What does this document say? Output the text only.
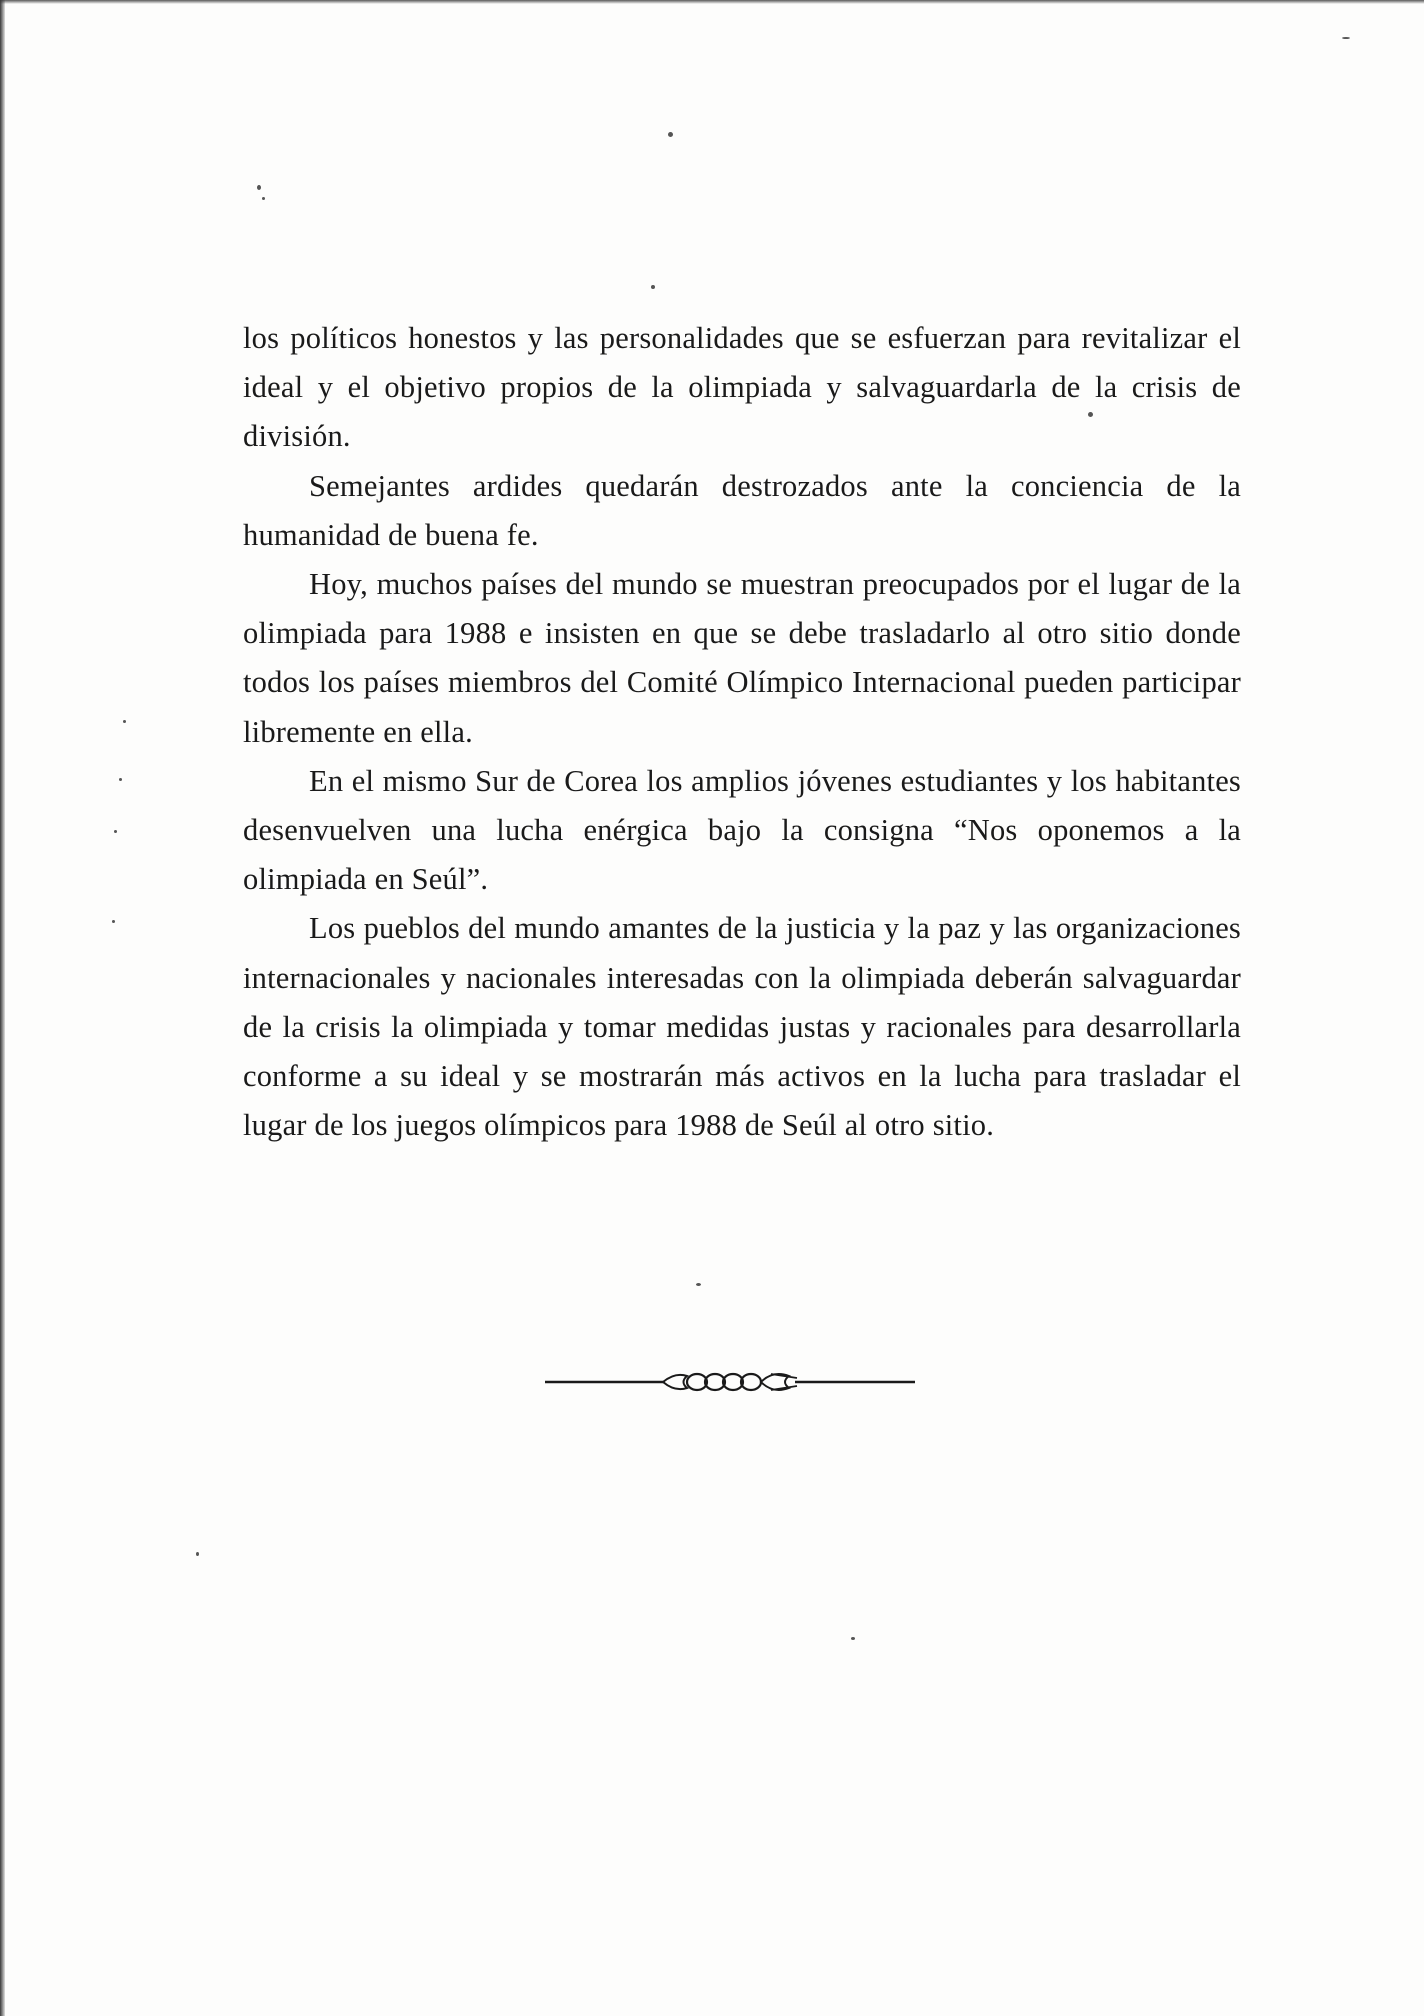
los políticos honestos y las personalidades que se esfuerzan para revitalizar el ideal y el objetivo propios de la olimpiada y salvaguardarla de la crisis de división.

Semejantes ardides quedarán destrozados ante la conciencia de la humanidad de buena fe.

Hoy, muchos países del mundo se muestran preocupados por el lugar de la olimpiada para 1988 e insisten en que se debe trasladarlo al otro sitio donde todos los países miembros del Comité Olímpico Internacional pueden participar libremente en ella.

En el mismo Sur de Corea los amplios jóvenes estudiantes y los habitantes desenvuelven una lucha enérgica bajo la consigna “Nos oponemos a la olimpiada en Seúl”.

Los pueblos del mundo amantes de la justicia y la paz y las organizaciones internacionales y nacionales interesadas con la olimpiada deberán salvaguardar de la crisis la olimpiada y tomar medidas justas y racionales para desarrollarla conforme a su ideal y se mostrarán más activos en la lucha para trasladar el lugar de los juegos olímpicos para 1988 de Seúl al otro sitio.
